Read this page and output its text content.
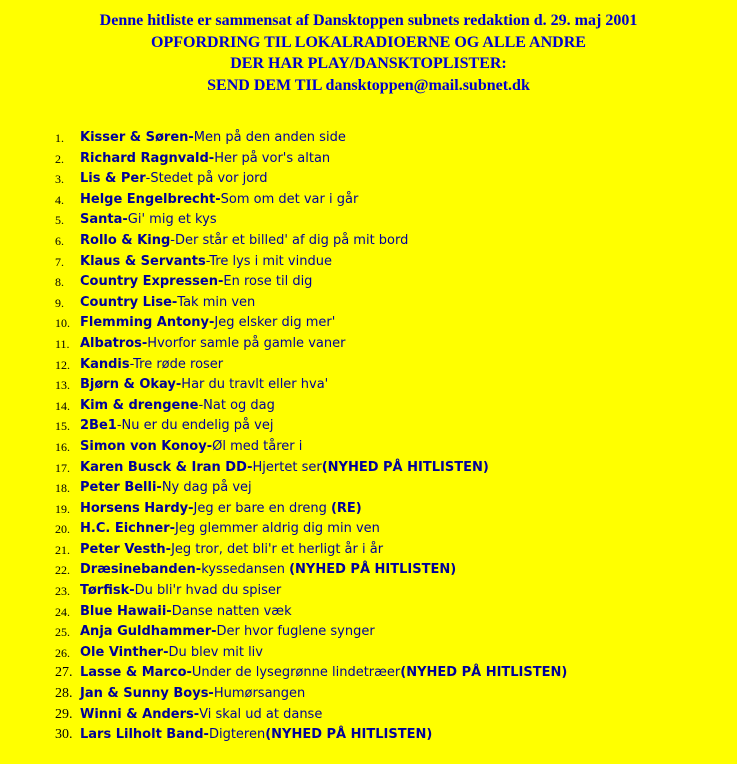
Denne hitliste er sammensat af Dansktoppen subnets redaktion d. 29. maj 2001
OPFORDRING TIL LOKALRADIOERNE OG ALLE ANDRE
DER HAR PLAY/DANSKTOPLISTER:
SEND DEM TIL dansktoppen@mail.subnet.dk
1. Kisser & Søren-Men på den anden side
2. Richard Ragnvald-Her på vor's altan
3. Lis & Per-Stedet på vor jord
4. Helge Engelbrecht-Som om det var i går
5. Santa-Gi' mig et kys
6. Rollo & King-Der står et billed' af dig på mit bord
7. Klaus & Servants-Tre lys i mit vindue
8. Country Expressen-En rose til dig
9. Country Lise-Tak min ven
10. Flemming Antony-Jeg elsker dig mer'
11. Albatros-Hvorfor samle på gamle vaner
12. Kandis-Tre røde roser
13. Bjørn & Okay-Har du travlt eller hva'
14. Kim & drengene-Nat og dag
15. 2Be1-Nu er du endelig på vej
16. Simon von Konoy-Øl med tårer i
17. Karen Busck & Iran DD-Hjertet ser(NYHED PÅ HITLISTEN)
18. Peter Belli-Ny dag på vej
19. Horsens Hardy-Jeg er bare en dreng (RE)
20. H.C. Eichner-Jeg glemmer aldrig dig min ven
21. Peter Vesth-Jeg tror, det bli'r et herligt år i år
22. Dræsinebanden-kyssedansen (NYHED PÅ HITLISTEN)
23. Tørfisk-Du bli'r hvad du spiser
24. Blue Hawaii-Danse natten væk
25. Anja Guldhammer-Der hvor fuglene synger
26. Ole Vinther-Du blev mit liv
27. Lasse & Marco-Under de lysegrønne lindetræer(NYHED PÅ HITLISTEN)
28. Jan & Sunny Boys-Humørsangen
29. Winni & Anders-Vi skal ud at danse
30. Lars Lilholt Band-Digteren(NYHED PÅ HITLISTEN)
